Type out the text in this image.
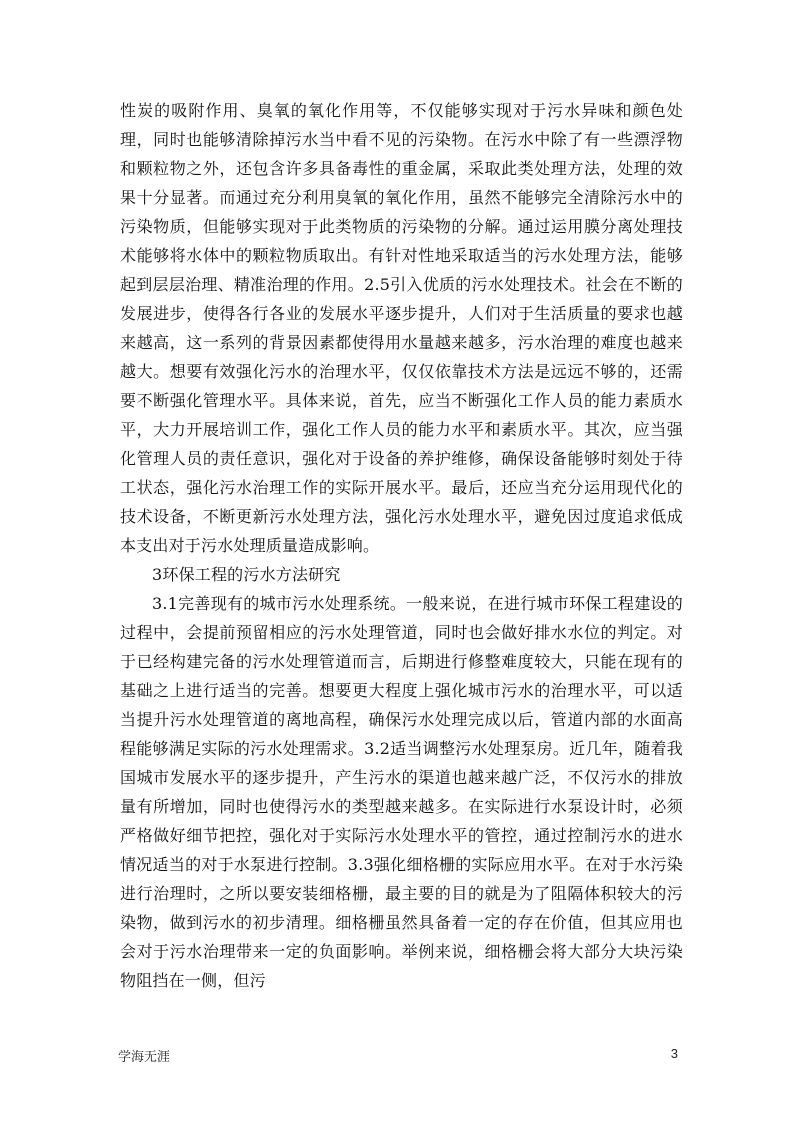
性炭的吸附作用、臭氧的氧化作用等，不仅能够实现对于污水异味和颜色处理，同时也能够清除掉污水当中看不见的污染物。在污水中除了有一些漂浮物和颗粒物之外，还包含许多具备毒性的重金属，采取此类处理方法，处理的效果十分显著。而通过充分利用臭氧的氧化作用，虽然不能够完全清除污水中的污染物质，但能够实现对于此类物质的污染物的分解。通过运用膜分离处理技术能够将水体中的颗粒物质取出。有针对性地采取适当的污水处理方法，能够起到层层治理、精准治理的作用。2.5引入优质的污水处理技术。社会在不断的发展进步，使得各行各业的发展水平逐步提升，人们对于生活质量的要求也越来越高，这一系列的背景因素都使得用水量越来越多，污水治理的难度也越来越大。想要有效强化污水的治理水平，仅仅依靠技术方法是远远不够的，还需要不断强化管理水平。具体来说，首先，应当不断强化工作人员的能力素质水平，大力开展培训工作，强化工作人员的能力水平和素质水平。其次，应当强化管理人员的责任意识，强化对于设备的养护维修，确保设备能够时刻处于待工状态，强化污水治理工作的实际开展水平。最后，还应当充分运用现代化的技术设备，不断更新污水处理方法，强化污水处理水平，避免因过度追求低成本支出对于污水处理质量造成影响。

3环保工程的污水方法研究

3.1完善现有的城市污水处理系统。一般来说，在进行城市环保工程建设的过程中，会提前预留相应的污水处理管道，同时也会做好排水水位的判定。对于已经构建完备的污水处理管道而言，后期进行修整难度较大，只能在现有的基础之上进行适当的完善。想要更大程度上强化城市污水的治理水平，可以适当提升污水处理管道的离地高程，确保污水处理完成以后，管道内部的水面高程能够满足实际的污水处理需求。3.2适当调整污水处理泵房。近几年，随着我国城市发展水平的逐步提升，产生污水的渠道也越来越广泛，不仅污水的排放量有所增加，同时也使得污水的类型越来越多。在实际进行水泵设计时，必须严格做好细节把控，强化对于实际污水处理水平的管控，通过控制污水的进水情况适当的对于水泵进行控制。3.3强化细格栅的实际应用水平。在对于水污染进行治理时，之所以要安装细格栅，最主要的目的就是为了阻隔体积较大的污染物，做到污水的初步清理。细格栅虽然具备着一定的存在价值，但其应用也会对于污水治理带来一定的负面影响。举例来说，细格栅会将大部分大块污染物阻挡在一侧，但污

学海无涯	3
